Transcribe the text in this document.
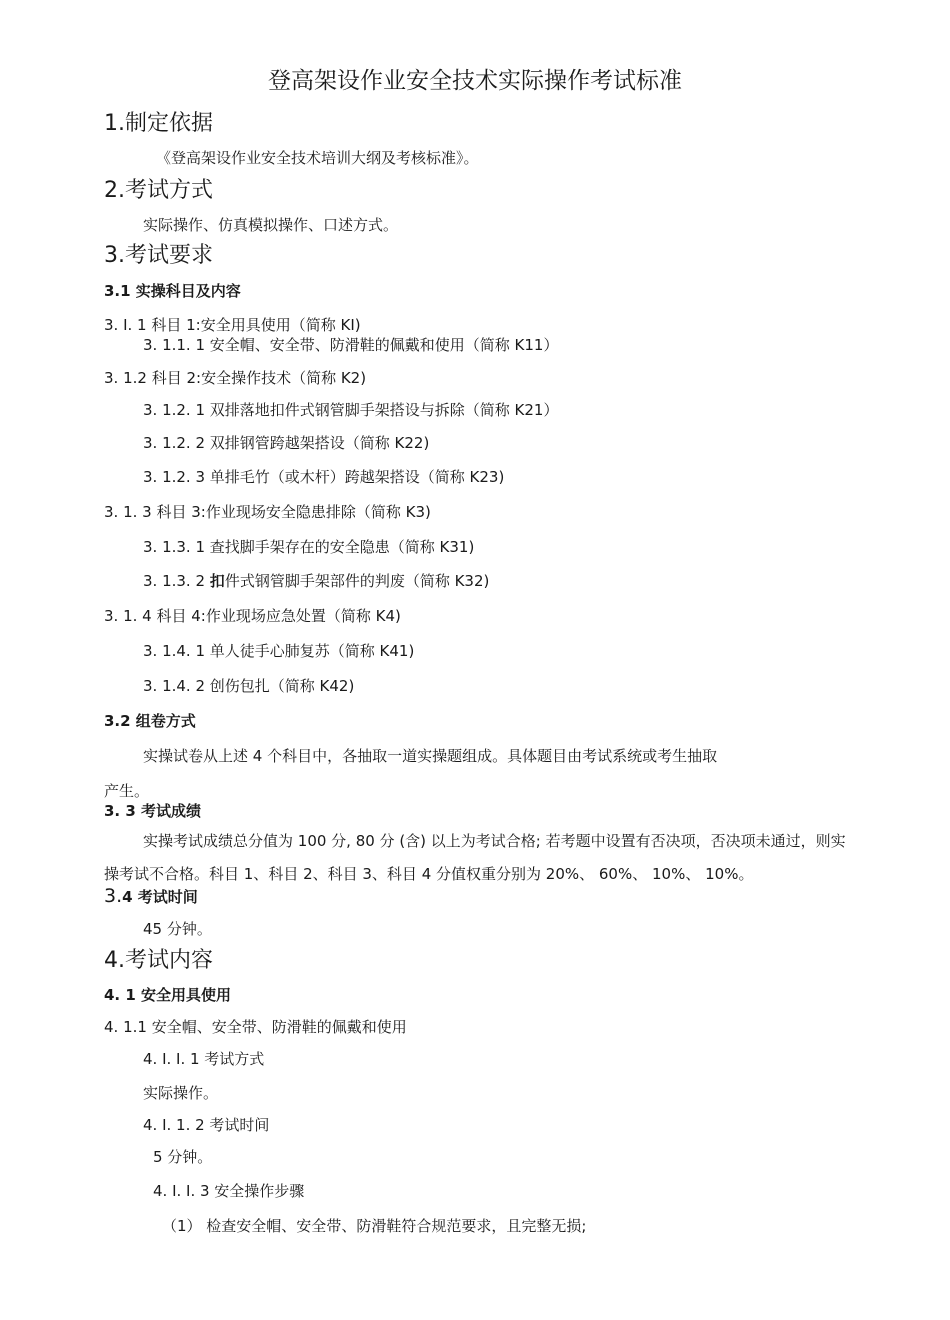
登高架设作业安全技术实际操作考试标准
1.制定依据
《登高架设作业安全技术培训大纲及考核标准》。
2.考试方式
实际操作、仿真模拟操作、口述方式。
3.考试要求
3.1 实操科目及内容
3. I. 1 科目 1:安全用具使用（简称 KI)
3. 1.1. 1 安全帽、安全带、防滑鞋的佩戴和使用（简称 K11）
3. 1.2 科目 2:安全操作技术（简称 K2)
3. 1.2. 1 双排落地扣件式钢管脚手架搭设与拆除（简称 K21）
3. 1.2. 2 双排钢管跨越架搭设（简称 K22)
3. 1.2. 3 单排毛竹（或木杆）跨越架搭设（简称 K23)
3. 1. 3 科目 3:作业现场安全隐患排除（简称 K3)
3. 1.3. 1 查找脚手架存在的安全隐患（简称 K31)
3. 1.3. 2 扣件式钢管脚手架部件的判废（简称 K32)
3. 1. 4 科目 4:作业现场应急处置（简称 K4)
3. 1.4. 1 单人徒手心肺复苏（简称 K41)
3. 1.4. 2 创伤包扎（简称 K42)
3.2 组卷方式
实操试卷从上述 4 个科目中，各抽取一道实操题组成。具体题目由考试系统或考生抽取
产生。
3. 3 考试成绩
实操考试成绩总分值为 100 分, 80 分 (含) 以上为考试合格; 若考题中设置有否决项，否决项未通过，则实操考试不合格。科目 1、科目 2、科目 3、科目 4 分值权重分别为 20%、 60%、 10%、 10%。
3.4 考试时间
45 分钟。
4.考试内容
4. 1 安全用具使用
4. 1.1 安全帽、安全带、防滑鞋的佩戴和使用
4. I. I. 1 考试方式
实际操作。
4. I. 1. 2 考试时间
5 分钟。
4. I. I. 3 安全操作步骤
（1） 检查安全帽、安全带、防滑鞋符合规范要求，且完整无损;
